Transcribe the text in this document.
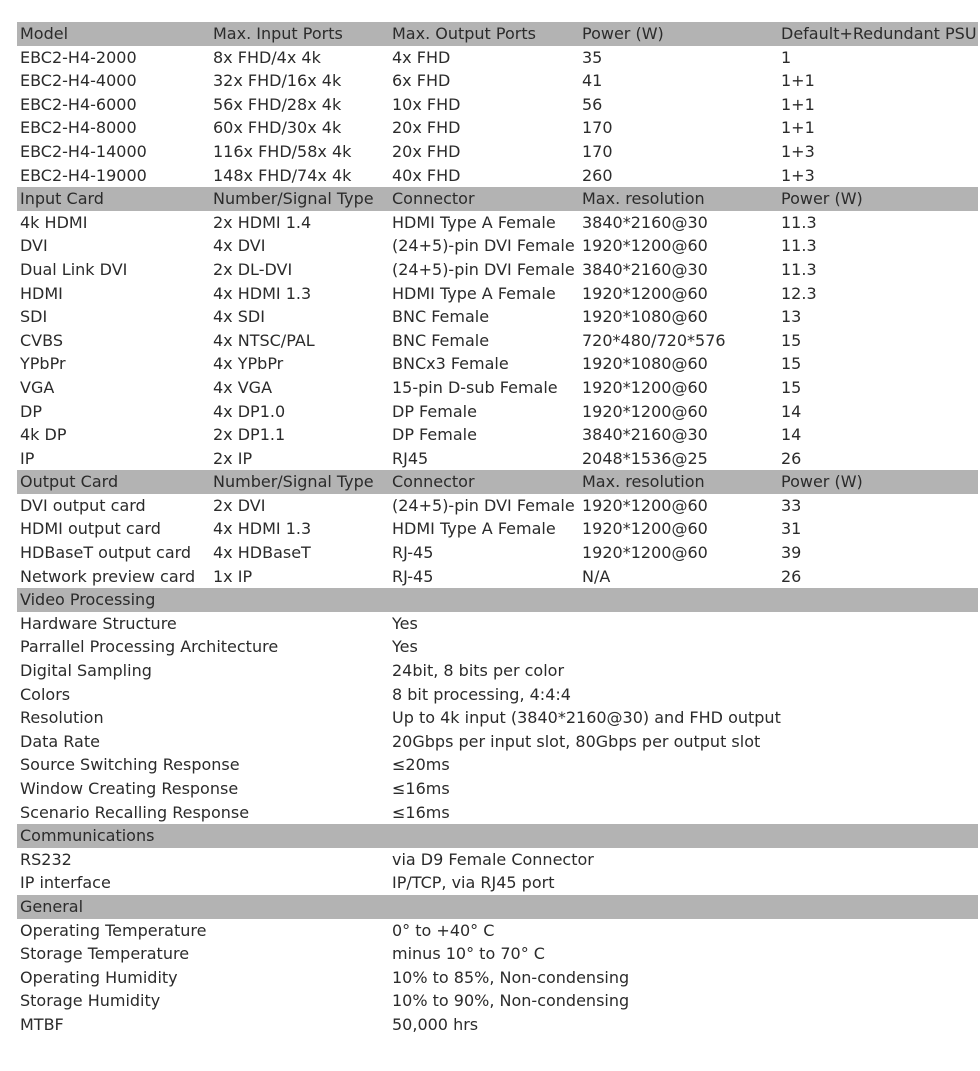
Model	Max. Input Ports	Max. Output Ports	Power (W)	Default+Redundant PSU
EBC2-H4-2000	8x FHD/4x 4k	4x FHD	35	1
EBC2-H4-4000	32x FHD/16x 4k	6x FHD	41	1+1
EBC2-H4-6000	56x FHD/28x 4k	10x FHD	56	1+1
EBC2-H4-8000	60x FHD/30x 4k	20x FHD	170	1+1
EBC2-H4-14000	116x FHD/58x 4k	20x FHD	170	1+3
EBC2-H4-19000	148x FHD/74x 4k	40x FHD	260	1+3
Input Card	Number/Signal Type	Connector	Max. resolution	Power (W)
4k HDMI	2x HDMI 1.4	HDMI Type A Female	3840*2160@30	11.3
DVI	4x DVI	(24+5)-pin DVI Female	1920*1200@60	11.3
Dual Link DVI	2x DL-DVI	(24+5)-pin DVI Female	3840*2160@30	11.3
HDMI	4x HDMI 1.3	HDMI Type A Female	1920*1200@60	12.3
SDI	4x SDI	BNC Female	1920*1080@60	13
CVBS	4x NTSC/PAL	BNC Female	720*480/720*576	15
YPbPr	4x YPbPr	BNCx3 Female	1920*1080@60	15
VGA	4x VGA	15-pin D-sub Female	1920*1200@60	15
DP	4x DP1.0	DP Female	1920*1200@60	14
4k DP	2x DP1.1	DP Female	3840*2160@30	14
IP	2x IP	RJ45	2048*1536@25	26
Output Card	Number/Signal Type	Connector	Max. resolution	Power (W)
DVI output card	2x DVI	(24+5)-pin DVI Female	1920*1200@60	33
HDMI output card	4x HDMI 1.3	HDMI Type A Female	1920*1200@60	31
HDBaseT output card	4x HDBaseT	RJ-45	1920*1200@60	39
Network preview card	1x IP	RJ-45	N/A	26
Video Processing				
Hardware Structure		Yes		
Parrallel Processing Architecture		Yes		
Digital Sampling		24bit, 8 bits per color		
Colors		8 bit processing, 4:4:4		
Resolution		Up to 4k input (3840*2160@30) and FHD output		
Data Rate		20Gbps per input slot, 80Gbps per output slot		
Source Switching Response		≤20ms		
Window Creating Response		≤16ms		
Scenario Recalling Response		≤16ms		
Communications				
RS232		via D9 Female Connector		
IP interface		IP/TCP, via RJ45 port		
General				
Operating Temperature		0° to +40° C		
Storage Temperature		minus 10° to 70° C		
Operating Humidity		10% to 85%, Non-condensing		
Storage Humidity		10% to 90%, Non-condensing		
MTBF		50,000 hrs		
